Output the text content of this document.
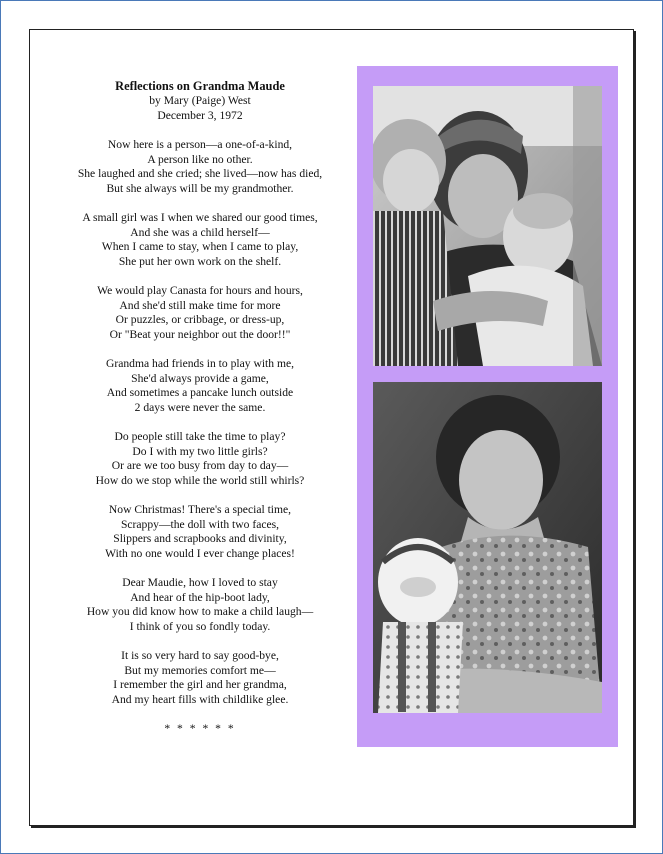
Reflections on Grandma Maude
by Mary (Paige) West
December 3, 1972
Now here is a person—a one-of-a-kind,
A person like no other.
She laughed and she cried; she lived—now has died,
But she always will be my grandmother.
A small girl was I when we shared our good times,
And she was a child herself—
When I came to stay, when I came to play,
She put her own work on the shelf.
We would play Canasta for hours and hours,
And she'd still make time for more
Or puzzles, or cribbage, or dress-up,
Or "Beat your neighbor out the door!!"
Grandma had friends in to play with me,
She'd always provide a game,
And sometimes a pancake lunch outside
2 days were never the same.
Do people still take the time to play?
Do I with my two little girls?
Or are we too busy from day to day—
How do we stop while the world still whirls?
Now Christmas! There's a special time,
Scrappy—the doll with two faces,
Slippers and scrapbooks and divinity,
With no one would I ever change places!
Dear Maudie, how I loved to stay
And hear of the hip-boot lady,
How you did know how to make a child laugh—
I think of you so fondly today.
It is so very hard to say good-bye,
But my memories comfort me—
I remember the girl and her grandma,
And my heart fills with childlike glee.
* * * * * *
